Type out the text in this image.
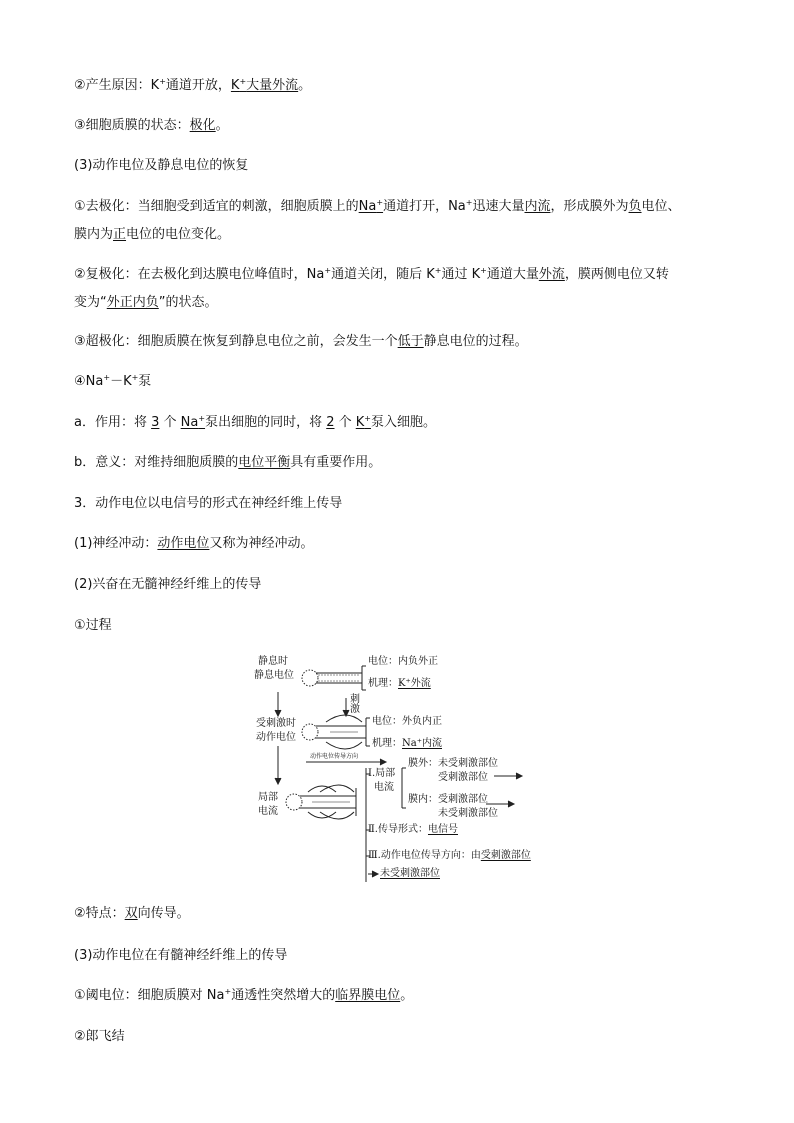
②产生原因：K+通道开放，K+大量外流。
③细胞质膜的状态：极化。
(3)动作电位及静息电位的恢复
①去极化：当细胞受到适宜的刺激，细胞质膜上的Na+通道打开，Na+迅速大量内流，形成膜外为负电位、
膜内为正电位的电位变化。
②复极化：在去极化到达膜电位峰值时，Na+通道关闭，随后 K+通过 K+通道大量外流，膜两侧电位又转
变为“外正内负”的状态。
③超极化：细胞质膜在恢复到静息电位之前，会发生一个低于静息电位的过程。
④Na+－K+泵
a．作用：将 3 个 Na+泵出细胞的同时，将 2 个 K+泵入细胞。
b．意义：对维持细胞质膜的电位平衡具有重要作用。
3．动作电位以电信号的形式在神经纤维上传导
(1)神经冲动：动作电位又称为神经冲动。
(2)兴奋在无髓神经纤维上的传导
①过程
静息时
静息电位
电位：内负外正
机理：K⁺外流
刺
激
受刺激时
动作电位
电位：外负内正
机理：Na⁺内流
动作电位传导方向
局部
电流
Ⅰ.局部
电流
膜外：未受刺激部位
受刺激部位
膜内：受刺激部位
未受刺激部位
Ⅱ.传导形式：电信号
Ⅲ.动作电位传导方向：由受刺激部位
未受刺激部位
②特点：双向传导。
(3)动作电位在有髓神经纤维上的传导
①阈电位：细胞质膜对 Na+通透性突然增大的临界膜电位。
②郎飞结
